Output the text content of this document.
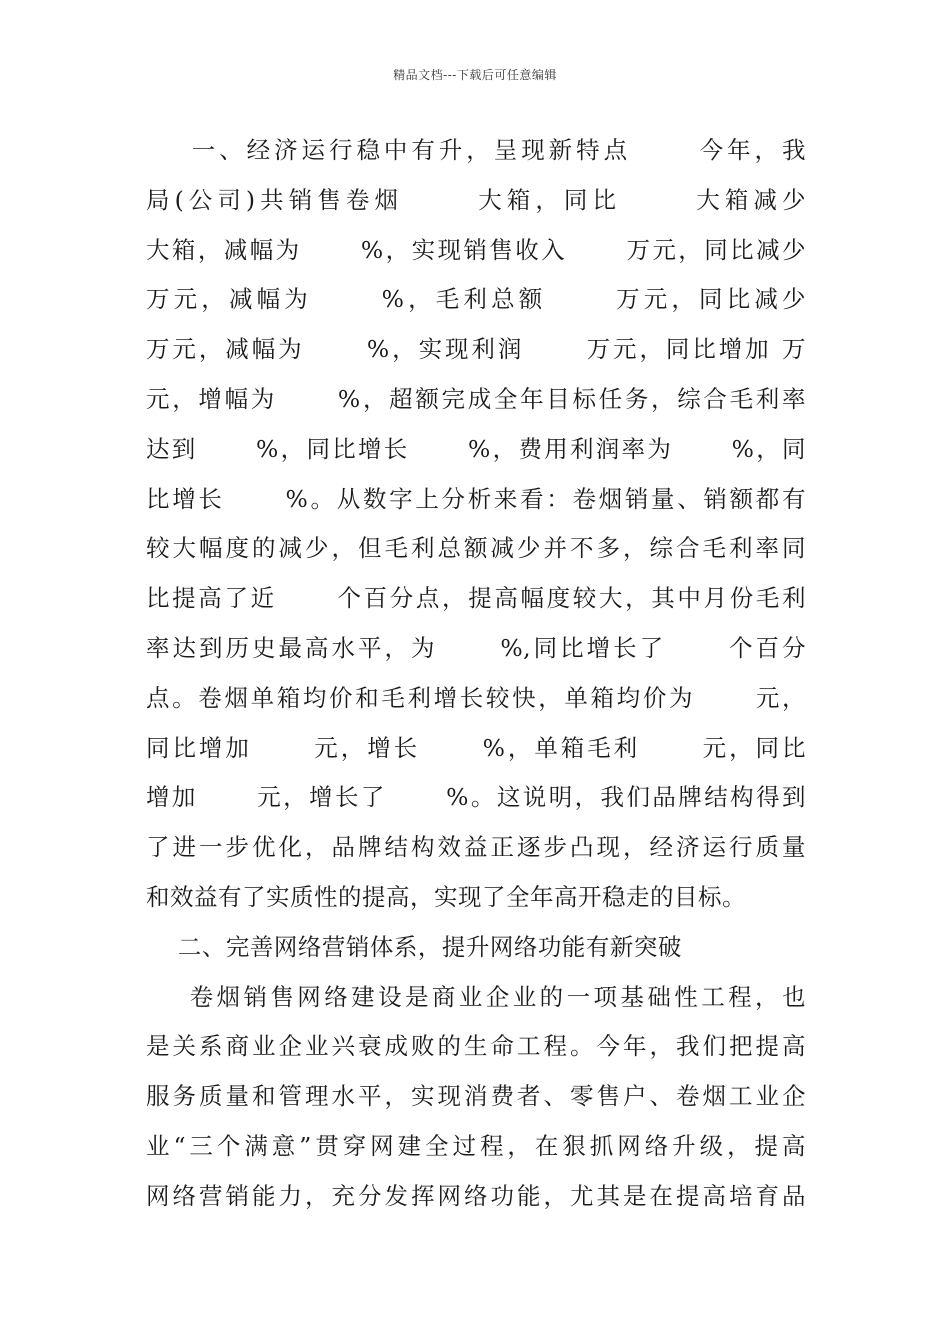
精品文档---下载后可任意编辑
一、经济运行稳中有升，呈现新特点      今年，我
局(公司)共销售卷烟      大箱，同比      大箱减少
大箱，减幅为      %，实现销售收入      万元，同比减少
万元，减幅为      %，毛利总额      万元，同比减少
万元，减幅为      %，实现利润      万元，同比增加 万
元，增幅为      %，超额完成全年目标任务，综合毛利率
达到      %，同比增长      %，费用利润率为      %，同
比增长      %。从数字上分析来看：卷烟销量、销额都有
较大幅度的减少，但毛利总额减少并不多，综合毛利率同
比提高了近      个百分点，提高幅度较大，其中月份毛利
率达到历史最高水平，为      %,同比增长了      个百分
点。卷烟单箱均价和毛利增长较快，单箱均价为      元，
同比增加      元，增长      %，单箱毛利      元，同比
增加      元，增长了      %。这说明，我们品牌结构得到
了进一步优化，品牌结构效益正逐步凸现，经济运行质量
和效益有了实质性的提高，实现了全年高开稳走的目标。
二、完善网络营销体系，提升网络功能有新突破
卷烟销售网络建设是商业企业的一项基础性工程，也
是关系商业企业兴衰成败的生命工程。今年，我们把提高
服务质量和管理水平，实现消费者、零售户、卷烟工业企
业“三个满意”贯穿网建全过程，在狠抓网络升级，提高
网络营销能力，充分发挥网络功能，尤其是在提高培育品
